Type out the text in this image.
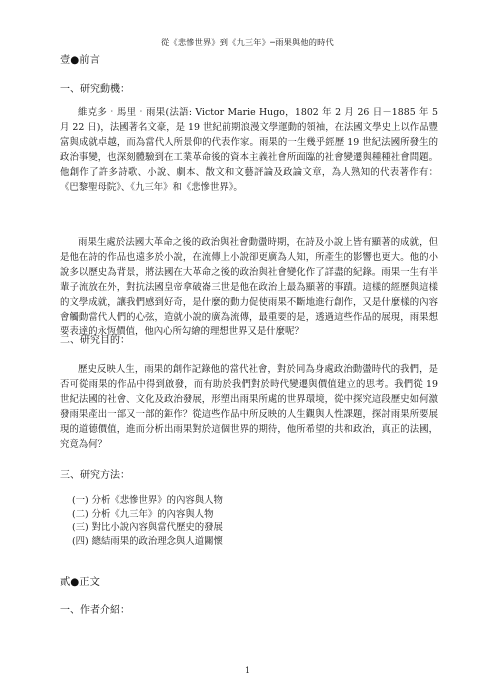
從《悲慘世界》到《九三年》─雨果與他的時代
壹●前言
一、研究動機：

維克多‧馬里‧雨果(法語: Victor Marie Hugo，1802 年 2 月 26 日－1885 年 5 月 22 日)，法國著名文豪，是 19 世紀前期浪漫文學運動的領袖，在法國文學史上以作品豐富與成就卓越，而為當代人所景仰的代表作家。雨果的一生幾乎經歷 19 世紀法國所發生的政治事變，也深刻體驗到在工業革命後的資本主義社會所面臨的社會變遷與種種社會問題。他創作了許多詩歌、小說、劇本、散文和文藝評論及政論文章，為人熟知的代表著作有：《巴黎聖母院》、《九三年》和《悲慘世界》。

雨果生處於法國大革命之後的政治與社會動盪時期，在詩及小說上皆有顯著的成就，但是他在詩的作品也遠多於小說，在流傳上小說卻更廣為人知，所產生的影響也更大。他的小說多以歷史為背景，將法國在大革命之後的政治與社會變化作了詳盡的紀錄。雨果一生有半輩子流放在外，對抗法國皇帝拿破崙三世是他在政治上最為顯著的事蹟。這樣的經歷與這樣的文學成就，讓我們感到好奇，是什麼的動力促使雨果不斷地進行創作，又是什麼樣的內容會觸動當代人們的心弦，造就小說的廣為流傳，最重要的是，透過這些作品的展現，雨果想要表達的永恆價值，他內心所勾繪的理想世界又是什麼呢？

二、研究目的：

歷史反映人生，雨果的創作記錄他的當代社會，對於同為身處政治動盪時代的我們，是否可從雨果的作品中得到啟發，而有助於我們對於時代變遷與價值建立的思考。我們從 19 世紀法國的社會、文化及政治發展，形塑出雨果所處的世界環境，從中探究這段歷史如何激發雨果產出一部又一部的鉅作？從這些作品中所反映的人生觀與人性課題，探討雨果所要展現的道德價值，進而分析出雨果對於這個世界的期待，他所希望的共和政治，真正的法國，究竟為何？

三、研究方法：
(一) 分析《悲慘世界》的內容與人物
(二) 分析《九三年》的內容與人物
(三) 對比小說內容與當代歷史的發展
(四) 總結雨果的政治理念與人道關懷
貳●正文
一、作者介紹：
1
